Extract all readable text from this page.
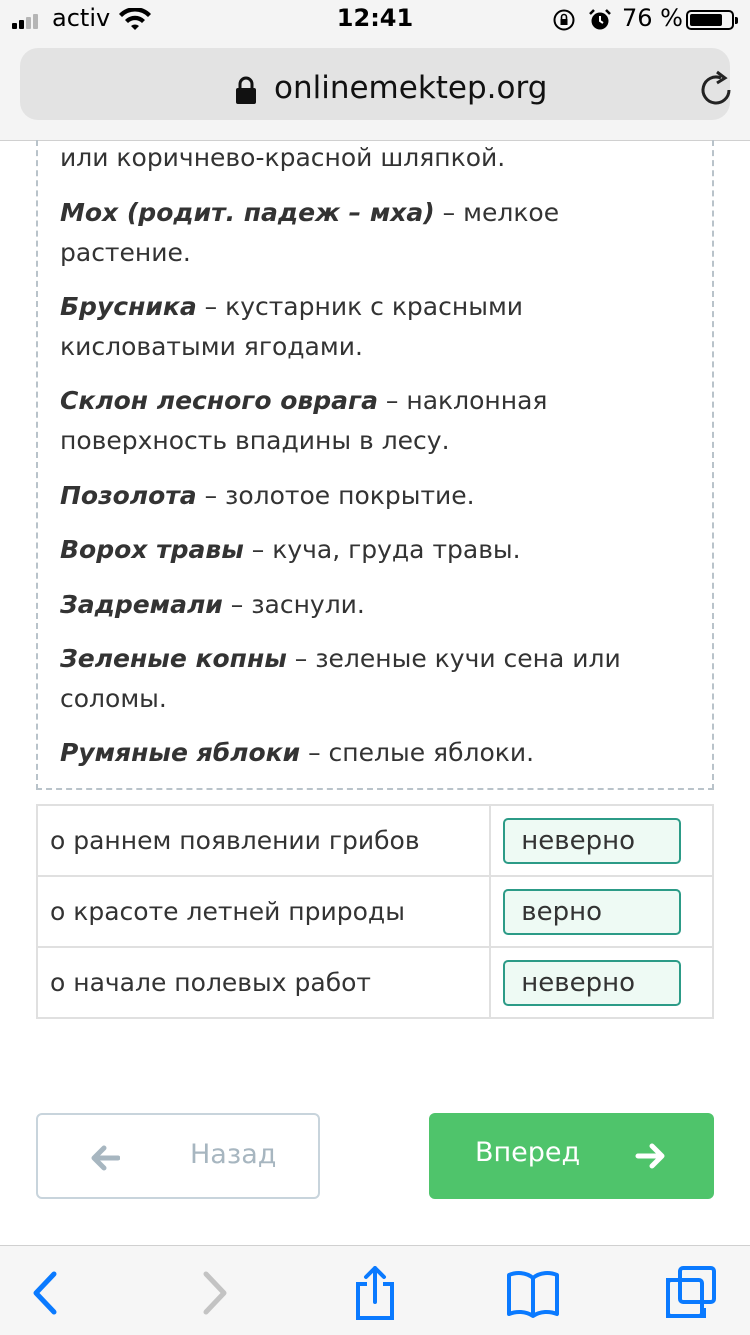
activ	12:41	76 %
onlinemektep.org
или коричнево-красной шляпкой.
Мох (родит. падеж – мха) – мелкое
растение.
Брусника – кустарник с красными
кисловатыми ягодами.
Склон лесного оврага – наклонная
поверхность впадины в лесу.
Позолота – золотое покрытие.
Ворох травы – куча, груда травы.
Задремали – заснули.
Зеленые копны – зеленые кучи сена или
соломы.
Румяные яблоки – спелые яблоки.
о раннем появлении грибов	неверно

о красоте летней природы	верно

о начале полевых работ	неверно
Назад	Вперед
